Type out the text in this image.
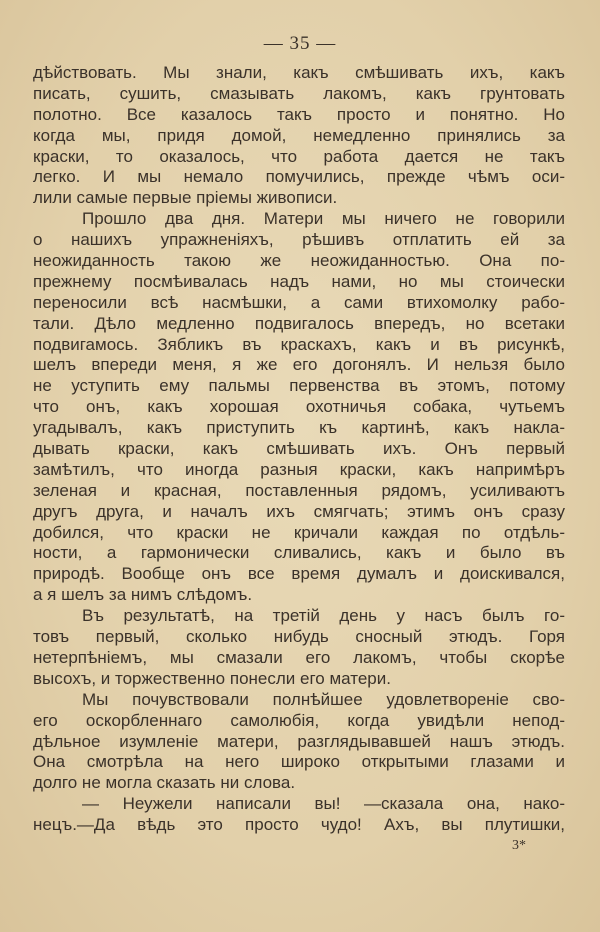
— 35 —
дѣйствовать. Мы знали, какъ смѣшивать ихъ, какъ
писать, сушить, смазывать лакомъ, какъ грунтовать
полотно. Все казалось такъ просто и понятно. Но
когда мы, придя домой, немедленно принялись за
краски, то оказалось, что работа дается не такъ
легко. И мы немало помучились, прежде чѣмъ оси-
лили самые первые пріемы живописи.
Прошло два дня. Матери мы ничего не говорили
о нашихъ упражненіяхъ, рѣшивъ отплатить ей за
неожиданность такою же неожиданностью. Она по-
прежнему посмѣивалась надъ нами, но мы стоически
переносили всѣ насмѣшки, а сами втихомолку рабо-
тали. Дѣло медленно подвигалось впередъ, но всетаки
подвигамось. Зябликъ въ краскахъ, какъ и въ рисункѣ,
шелъ впереди меня, я же его догонялъ. И нельзя было
не уступить ему пальмы первенства въ этомъ, потому
что онъ, какъ хорошая охотничья собака, чутьемъ
угадывалъ, какъ приступить къ картинѣ, какъ накла-
дывать краски, какъ смѣшивать ихъ. Онъ первый
замѣтилъ, что иногда разныя краски, какъ напримѣръ
зеленая и красная, поставленныя рядомъ, усиливаютъ
другъ друга, и началъ ихъ смягчать; этимъ онъ сразу
добился, что краски не кричали каждая по отдѣль-
ности, а гармонически сливались, какъ и было въ
природѣ. Вообще онъ все время думалъ и доискивался,
а я шелъ за нимъ слѣдомъ.
Въ результатѣ, на третій день у насъ былъ го-
товъ первый, сколько нибудь сносный этюдъ. Горя
нетерпѣніемъ, мы смазали его лакомъ, чтобы скорѣе
высохъ, и торжественно понесли его матери.
Мы почувствовали полнѣйшее удовлетвореніе сво-
его оскорбленнаго самолюбія, когда увидѣли непод-
дѣльное изумленіе матери, разглядывавшей нашъ этюдъ.
Она смотрѣла на него широко открытыми глазами и
долго не могла сказать ни слова.
— Неужели написали вы! —сказала она, нако-
нецъ.—Да вѣдь это просто чудо! Ахъ, вы плутишки,
3*
